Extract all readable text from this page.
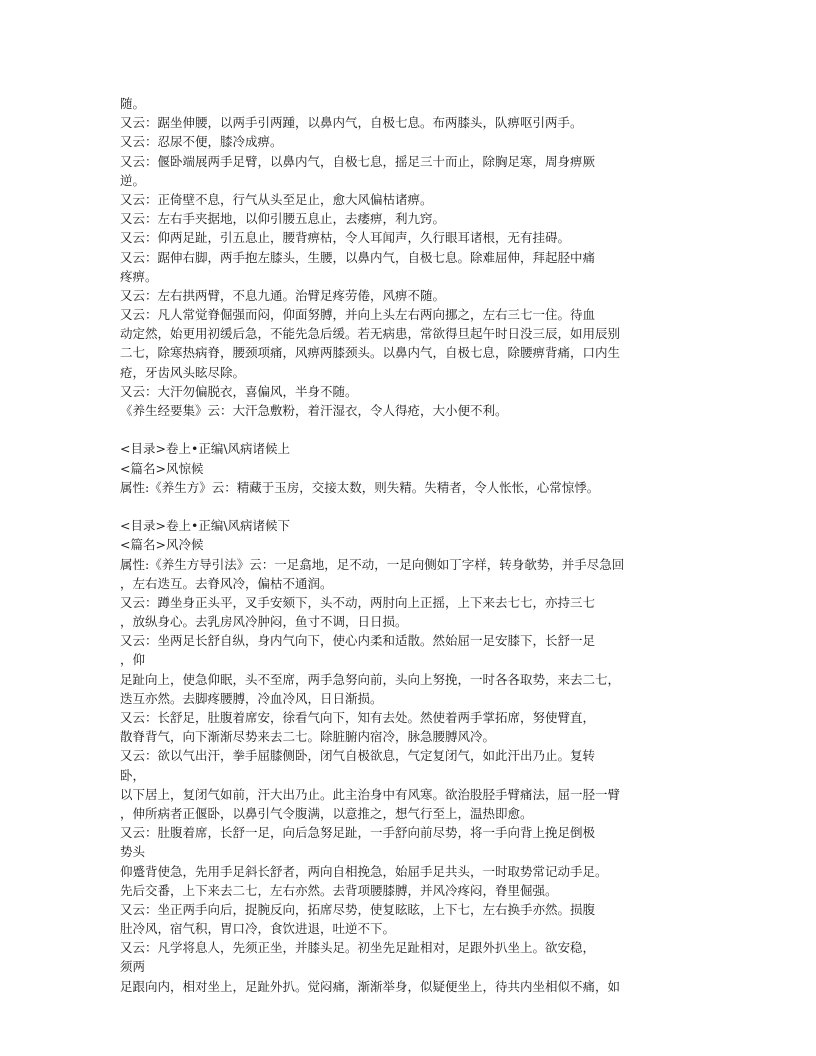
随。
又云：踞坐伸腰，以两手引两踵，以鼻内气，自极七息。布两膝头，队痹呕引两手。
又云：忍尿不便，膝冷成痹。
又云：偃卧端展两手足臂，以鼻内气，自极七息，摇足三十而止，除胸足寒，周身痹厥
逆。
又云：正倚壁不息，行气从头至足止，愈大风偏枯诸痹。
又云：左右手夹据地，以仰引腰五息止，去痿痹，利九窍。
又云：仰两足趾，引五息止，腰背痹枯，令人耳闻声，久行眼耳诸根，无有挂碍。
又云：踞伸右脚，两手抱左膝头，生腰，以鼻内气，自极七息。除难屈伸，拜起胫中痛
疼痹。
又云：左右拱两臂，不息九通。治臂足疼劳倦，风痹不随。
又云：凡人常觉脊倔强而闷，仰面努膊，并向上头左右两向挪之，左右三七一住。待血
动定然，始更用初缓后急，不能先急后缓。若无病患，常欲得旦起午时日没三辰，如用辰别
二七，除寒热病脊，腰颈项痛，风痹两膝颈头。以鼻内气，自极七息，除腰痹背痛，口内生
疮，牙齿风头眩尽除。
又云：大汗勿偏脱衣，喜偏风，半身不随。
《养生经要集》云：大汗急敷粉，着汗湿衣，令人得疮，大小便不利。
<目录>卷上•正编\风病诸候上
<篇名>风惊候
属性:《养生方》云：精藏于玉房，交接太数，则失精。失精者，令人怅怅，心常惊悸。
<目录>卷上•正编\风病诸候下
<篇名>风冷候
属性:《养生方导引法》云：一足翕地，足不动，一足向侧如丁字样，转身欹势，并手尽急回
，左右迭互。去脊风冷，偏枯不通润。
又云：蹲坐身正头平，叉手安颏下，头不动，两肘向上正摇，上下来去七七，亦持三七
，放纵身心。去乳房风冷肿闷，鱼寸不调，日日损。
又云：坐两足长舒自纵，身内气向下，使心内柔和适散。然始屈一足安膝下，长舒一足
，仰
足趾向上，使急仰眠，头不至席，两手急努向前，头向上努挽，一时各各取势，来去二七，
迭互亦然。去脚疼腰膊，冷血冷风，日日渐损。
又云：长舒足，肚腹着席安，徐看气向下，知有去处。然使着两手掌拓席，努使臂直，
散脊背气，向下渐渐尽势来去二七。除脏腑内宿冷，脉急腰膊风冷。
又云：欲以气出汗，拳手屈膝侧卧，闭气自极欲息，气定复闭气，如此汗出乃止。复转
卧，
以下居上，复闭气如前，汗大出乃止。此主治身中有风寒。欲治股胫手臂痛法，屈一胫一臂
，伸所病者正偃卧，以鼻引气令腹满，以意推之，想气行至上，温热即愈。
又云：肚腹着席，长舒一足，向后急努足趾，一手舒向前尽势，将一手向背上挽足倒极
势头
仰蹙背使急，先用手足斜长舒者，两向自相挽急，始屈手足共头，一时取势常记动手足。
先后交番，上下来去二七，左右亦然。去背项腰膝膊，并风冷疼闷，脊里倔强。
又云：坐正两手向后，捉腕反向，拓席尽势，使复眩眩，上下七，左右换手亦然。损腹
肚冷风，宿气积，胃口冷，食饮进退，吐逆不下。
又云：凡学将息人，先须正坐，并膝头足。初坐先足趾相对，足跟外扒坐上。欲安稳，
须两
足跟向内，相对坐上，足趾外扒。觉闷痛，渐渐举身，似疑便坐上，待共内坐相似不痛，如
